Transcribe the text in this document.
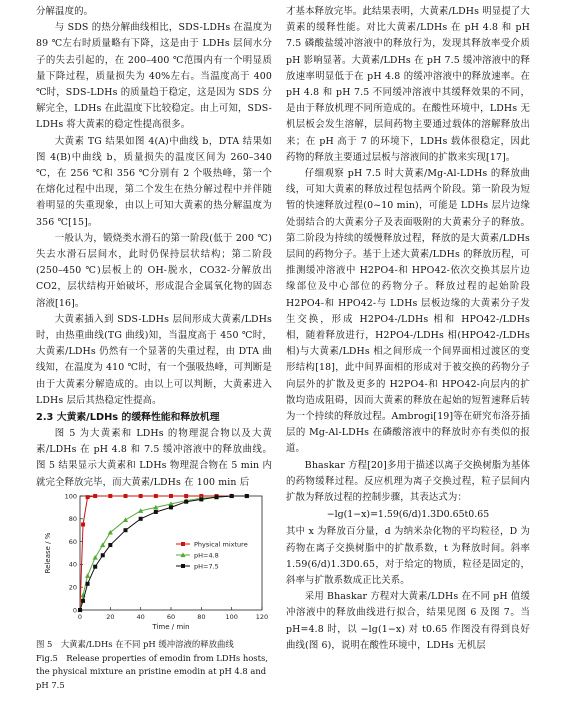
分解温度的。

与 SDS 的热分解曲线相比，SDS-LDHs 在温度为 89 ℃左右时质量略有下降，这是由于 LDHs 层间水分子的失去引起的，在 200–400 ℃范围内有一个明显质量下降过程，质量损失为 40%左右。当温度高于 400 ℃时，SDS-LDHs 的质量趋于稳定，这是因为 SDS 分解完全，LDHs 在此温度下比较稳定。由上可知，SDS-LDHs 将大黄素的稳定性提高很多。

大黄素 TG 结果如图 4(A)中曲线 b，DTA 结果如图 4(B)中曲线 b，质量损失的温度区间为 260–340 ℃，在 256 ℃和 356 ℃分别有 2 个吸热峰，第一个在熔化过程中出现，第二个发生在热分解过程中并伴随着明显的失重现象，由以上可知大黄素的热分解温度为 356 ℃[15]。

一般认为，锻烧类水滑石的第一阶段(低于 200 ℃)失去水滑石层间水，此时仍保持层状结构；第二阶段(250–450 ℃)层板上的 OH-脱水，CO32-分解放出 CO2，层状结构开始破坏，形成混合金属氧化物的固态溶液[16]。

大黄素插入到 SDS-LDHs 层间形成大黄素/LDHs 时，由热重曲线(TG 曲线)知，当温度高于 450 ℃时，大黄素/LDHs 仍然有一个显著的失重过程，由 DTA 曲线知，在温度为 410 ℃时，有一个强吸热峰，可判断是由于大黄素分解造成的。由以上可以判断，大黄素进入 LDHs 层后其热稳定性提高。

2.3 大黄素/LDHs 的缓释性能和释放机理

图 5 为大黄素和 LDHs 的物理混合物以及大黄素/LDHs 在 pH 4.8 和 7.5 缓冲溶液中的释放曲线。图 5 结果显示大黄素和 LDHs 物理混合物在 5 min 内就完全释放完毕，而大黄素/LDHs 在 100 min 后

0	20	40	60	80	100	120
0
20
40
60
80
100
Time / min
Release / %	Physical mixture
pH=4.8
pH=7.5
图 5　大黄素/LDHs 在不同 pH 缓冲溶液的释放曲线
Fig.5　Release properties of emodin from LDHs hosts, the physical mixture an pristine emodin at pH 4.8 and pH 7.5

才基本释放完毕。此结果表明，大黄素/LDHs 明显提了大黄素的缓释性能。对比大黄素/LDHs 在 pH 4.8 和 pH 7.5 磷酸盐缓冲溶液中的释放行为，发现其释放率受介质 pH 影响显著。大黄素/LDHs 在 pH 7.5 缓冲溶液中的释放速率明显低于在 pH 4.8 的缓冲溶液中的释放速率。在 pH 4.8 和 pH 7.5 不同缓冲溶液中其缓释效果的不同，是由于释放机理不同所造成的。在酸性环境中，LDHs 无机层板会发生溶解，层间药物主要通过载体的溶解释放出来；在 pH 高于 7 的环境下，LDHs 载体很稳定，因此药物的释放主要通过层板与溶液间的扩散来实现[17]。

仔细观察 pH 7.5 时大黄素/Mg-Al-LDHs 的释放曲线，可知大黄素的释放过程包括两个阶段。第一阶段为短暂的快速释放过程(0~10 min)，可能是 LDHs 层片边缘处弱结合的大黄素分子及表面吸附的大黄素分子的释放。第二阶段为持续的缓慢释放过程，释放的是大黄素/LDHs 层间的药物分子。基于上述大黄素/LDHs 的释放历程，可推测缓冲溶液中 H2PO4-和 HPO42-依次交换其层片边缘部位及中心部位的药物分子。释放过程的起始阶段 H2PO4-和 HPO42-与 LDHs 层板边缘的大黄素分子发生交换，形成 H2PO4-/LDHs 相和 HPO42-/LDHs 相，随着释放进行，H2PO4-/LDHs 相(HPO42-/LDHs 相)与大黄素/LDHs 相之间形成一个间界面相过渡区的变形结构[18]，此中间界面相的形成对于被交换的药物分子向层外的扩散及更多的 H2PO4-和 HPO42-向层内的扩散均造成阻碍，因而大黄素的释放在起始的短暂速释后转为一个持续的释放过程。Ambrogi[19]等在研究布洛芬插层的 Mg-Al-LDHs 在磷酸溶液中的释放时亦有类似的报道。

Bhaskar 方程[20]多用于描述以离子交换树脂为基体的药物缓释过程。反应机理为离子交换过程，粒子层间内扩散为释放过程的控制步骤，其表达式为：

−lg(1−x)=1.59(6/d)1.3D0.65t0.65

其中 x 为释放百分量，d 为纳米杂化物的平均粒径，D 为药物在离子交换树脂中的扩散系数，t 为释放时间。斜率 1.59(6/d)1.3D0.65，对于给定的物质，粒径是固定的，斜率与扩散系数成正比关系。

采用 Bhaskar 方程对大黄素/LDHs 在不同 pH 值缓冲溶液中的释放曲线进行拟合，结果见图 6 及图 7。当 pH=4.8 时，以 −lg(1−x) 对 t0.65 作图没有得到良好曲线(图 6)，说明在酸性环境中，LDHs 无机层
